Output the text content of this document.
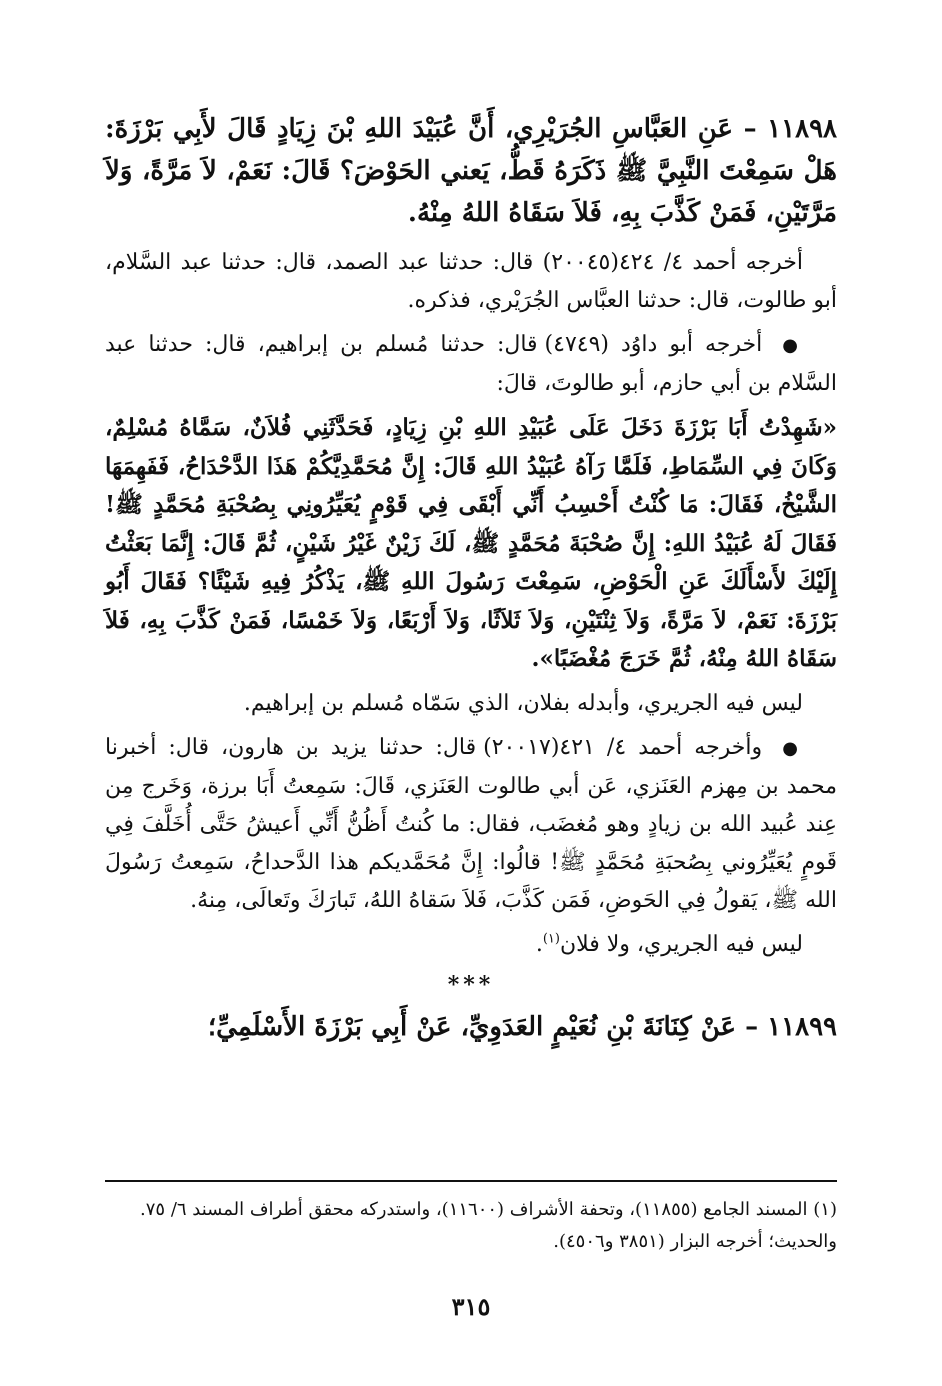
١١٨٩٨ – عَنِ العَبَّاسِ الجُرَيْرِي، أَنَّ عُبَيْدَ اللهِ بْنَ زِيَادٍ قَالَ لأَبِي بَرْزَةَ: هَلْ سَمِعْتَ النَّبِيَّ ﷺ ذَكَرَهُ قَطُّ، يَعني الحَوْضَ؟ قَالَ: نَعَمْ، لاَ مَرَّةً، وَلاَ مَرَّتَيْنِ، فَمَنْ كَذَّبَ بِهِ، فَلاَ سَقَاهُ اللهُ مِنْهُ.

أخرجه أحمد ٤/ ٤٢٤(٢٠٠٤٥) قال: حدثنا عبد الصمد، قال: حدثنا عبد السَّلام، أبو طالوت، قال: حدثنا العبَّاس الجُرَيْري، فذكره.

● أخرجه أبو داوُد (٤٧٤٩) قال: حدثنا مُسلم بن إبراهيم، قال: حدثنا عبد السَّلام بن أبي حازم، أبو طالوتَ، قالَ:

«شَهِدْتُ أَبَا بَرْزَةَ دَخَلَ عَلَى عُبَيْدِ اللهِ بْنِ زِيَادٍ، فَحَدَّثَنِي فُلاَنٌ، سَمَّاهُ مُسْلِمٌ، وَكَانَ فِي السِّمَاطِ، فَلَمَّا رَآهُ عُبَيْدُ اللهِ قَالَ: إِنَّ مُحَمَّدِيَّكُمْ هَذَا الدَّحْدَاحُ، فَفَهِمَهَا الشَّيْخُ، فَقَالَ: مَا كُنْتُ أَحْسِبُ أَنِّي أَبْقَى فِي قَوْمٍ يُعَيِّرُونِي بِصُحْبَةِ مُحَمَّدٍ ﷺ! فَقَالَ لَهُ عُبَيْدُ اللهِ: إِنَّ صُحْبَةَ مُحَمَّدٍ ﷺ، لَكَ زَيْنٌ غَيْرُ شَيْنٍ، ثُمَّ قَالَ: إِنَّمَا بَعَثْتُ إِلَيْكَ لأَسْأَلَكَ عَنِ الْحَوْضِ، سَمِعْتَ رَسُولَ اللهِ ﷺ، يَذْكُرُ فِيهِ شَيْئًا؟ فَقَالَ أَبُو بَرْزَةَ: نَعَمْ، لاَ مَرَّةً، وَلاَ ثِنْتَيْنِ، وَلاَ ثَلاَثًا، وَلاَ أَرْبَعًا، وَلاَ خَمْسًا، فَمَنْ كَذَّبَ بِهِ، فَلاَ سَقَاهُ اللهُ مِنْهُ، ثُمَّ خَرَجَ مُغْضَبًا».

ليس فيه الجريري، وأبدله بفلان، الذي سَمّاه مُسلم بن إبراهيم.

● وأخرجه أحمد ٤/ ٤٢١(٢٠٠١٧) قال: حدثنا يزيد بن هارون، قال: أخبرنا محمد بن مِهزم العَنَزي، عَن أبي طالوت العَنَزي، قَالَ: سَمِعتُ أَبَا برزة، وَخَرج مِن عِند عُبيد الله بن زيادٍ وهو مُغضَب، فقال: ما كُنتُ أَظُنُّ أَنِّي أَعيشُ حَتَّى أُخَلَّفَ فِي قَومٍ يُعَيِّرُوني بِصُحبَةِ مُحَمَّدٍ ﷺ! قالُوا: إِنَّ مُحَمَّديكم هذا الدَّحداحُ، سَمِعتُ رَسُولَ الله ﷺ، يَقولُ فِي الحَوضِ، فَمَن كَذَّبَ، فَلاَ سَقاهُ اللهُ، تَبارَكَ وتَعالَى، مِنهُ.

ليس فيه الجريري، ولا فلان$^{(١)}$.

***

١١٨٩٩ – عَنْ كِنَانَةَ بْنِ نُعَيْمٍ العَدَوِيِّ، عَنْ أَبِي بَرْزَةَ الأَسْلَمِيِّ؛

(١) المسند الجامع (١١٨٥٥)، وتحفة الأشراف (١١٦٠٠)، واستدركه محقق أطراف المسند ٦/ ٧٥.
والحديث؛ أخرجه البزار (٣٨٥١ و٤٥٠٦).
٣١٥
